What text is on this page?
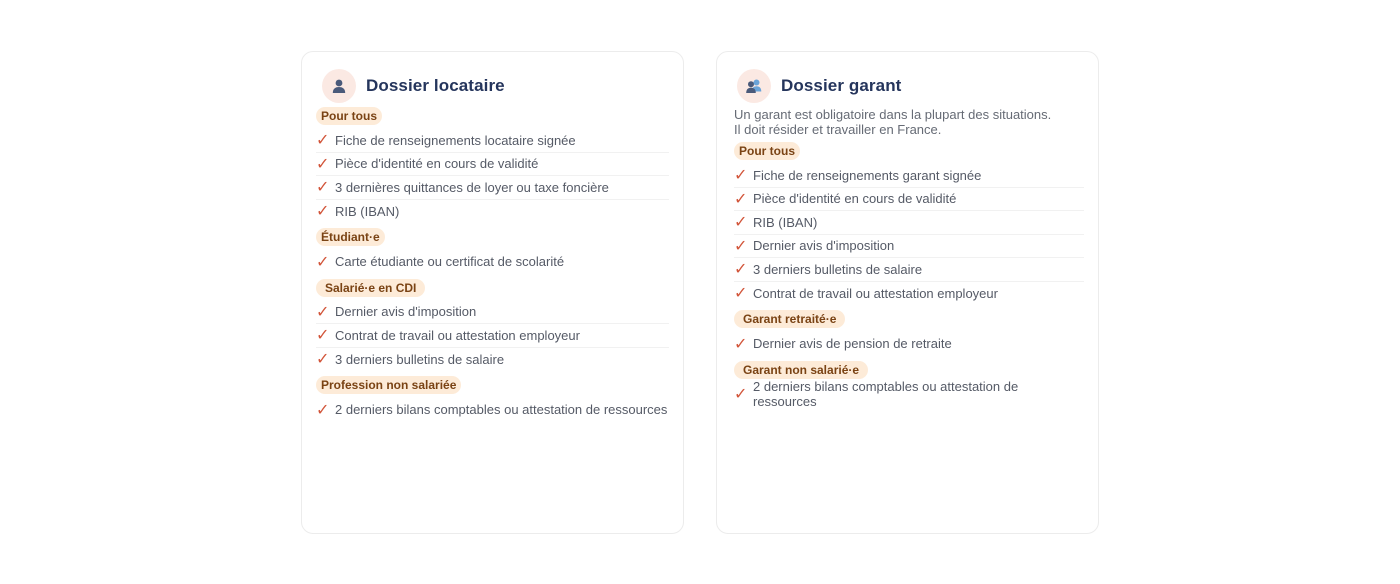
Dossier locataire
Pour tous
✓ Fiche de renseignements locataire signée
✓ Pièce d'identité en cours de validité
✓ 3 dernières quittances de loyer ou taxe foncière
✓ RIB (IBAN)
Étudiant·e
✓ Carte étudiante ou certificat de scolarité
Salarié·e en CDI
✓ Dernier avis d'imposition
✓ Contrat de travail ou attestation employeur
✓ 3 derniers bulletins de salaire
Profession non salariée
✓ 2 derniers bilans comptables ou attestation de ressources
Dossier garant

Un garant est obligatoire dans la plupart des situations.
Il doit résider et travailler en France.

Pour tous
✓ Fiche de renseignements garant signée
✓ Pièce d'identité en cours de validité
✓ RIB (IBAN)
✓ Dernier avis d'imposition
✓ 3 derniers bulletins de salaire
✓ Contrat de travail ou attestation employeur
Garant retraité·e
✓ Dernier avis de pension de retraite
Garant non salarié·e
✓ 2 derniers bilans comptables ou attestation de ressources
